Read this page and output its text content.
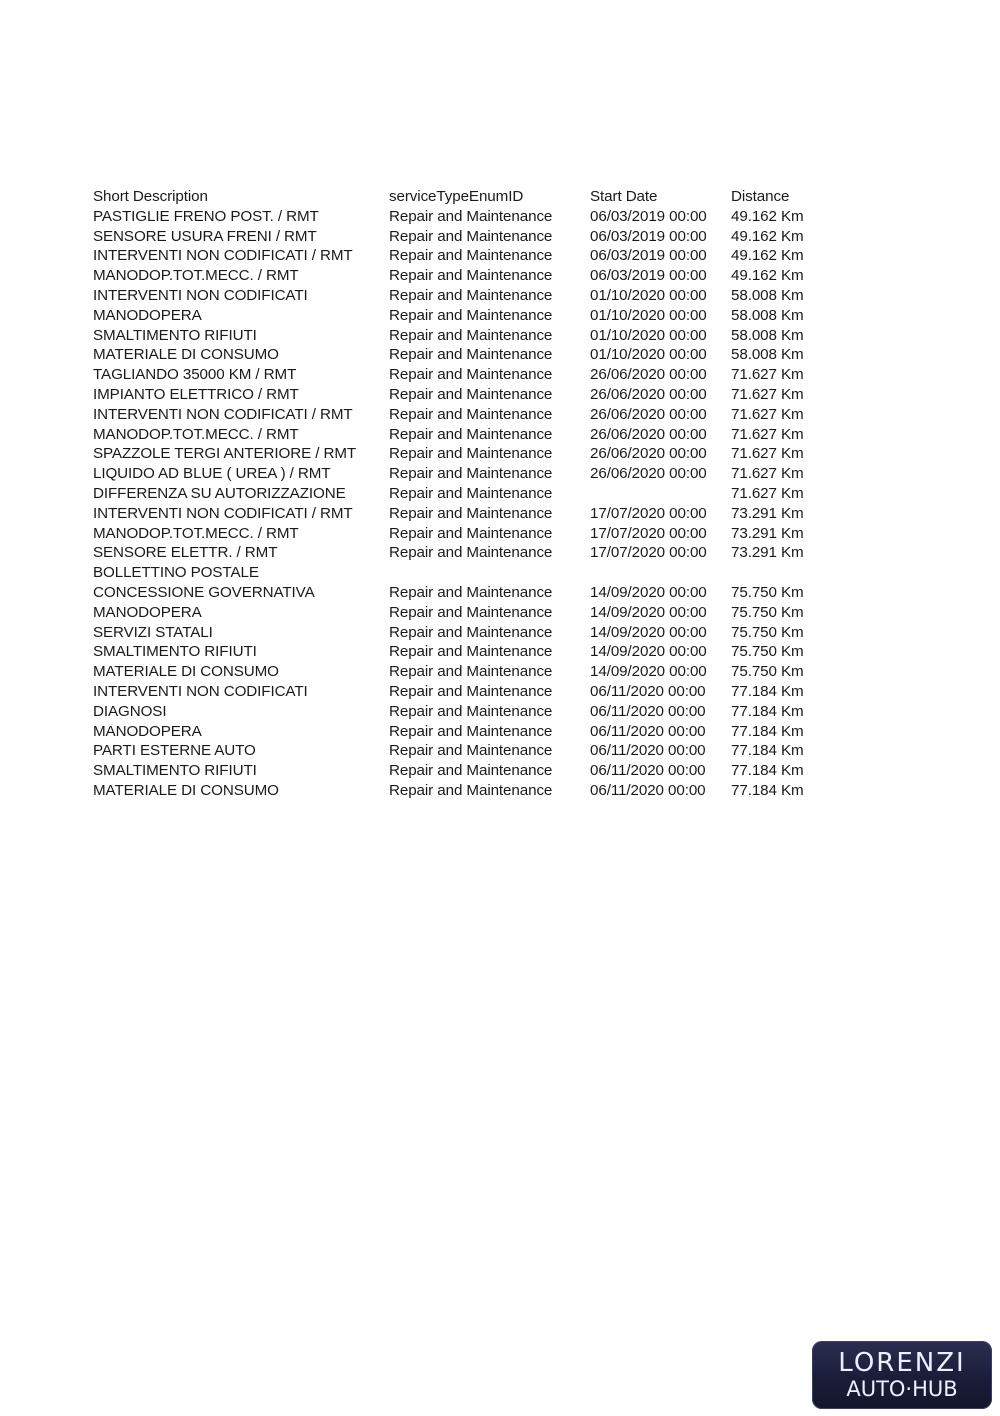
Short Description	serviceTypeEnumID	Start Date	Distance
PASTIGLIE FRENO POST. / RMT	Repair and Maintenance	06/03/2019 00:00	49.162 Km
SENSORE USURA FRENI / RMT	Repair and Maintenance	06/03/2019 00:00	49.162 Km
INTERVENTI NON CODIFICATI / RMT	Repair and Maintenance	06/03/2019 00:00	49.162 Km
MANODOP.TOT.MECC. / RMT	Repair and Maintenance	06/03/2019 00:00	49.162 Km
INTERVENTI NON CODIFICATI	Repair and Maintenance	01/10/2020 00:00	58.008 Km
MANODOPERA	Repair and Maintenance	01/10/2020 00:00	58.008 Km
SMALTIMENTO RIFIUTI	Repair and Maintenance	01/10/2020 00:00	58.008 Km
MATERIALE DI CONSUMO	Repair and Maintenance	01/10/2020 00:00	58.008 Km
TAGLIANDO 35000 KM / RMT	Repair and Maintenance	26/06/2020 00:00	71.627 Km
IMPIANTO ELETTRICO / RMT	Repair and Maintenance	26/06/2020 00:00	71.627 Km
INTERVENTI NON CODIFICATI / RMT	Repair and Maintenance	26/06/2020 00:00	71.627 Km
MANODOP.TOT.MECC. / RMT	Repair and Maintenance	26/06/2020 00:00	71.627 Km
SPAZZOLE TERGI ANTERIORE / RMT	Repair and Maintenance	26/06/2020 00:00	71.627 Km
LIQUIDO AD BLUE ( UREA ) / RMT	Repair and Maintenance	26/06/2020 00:00	71.627 Km
DIFFERENZA SU AUTORIZZAZIONE	Repair and Maintenance		71.627 Km
INTERVENTI NON CODIFICATI / RMT	Repair and Maintenance	17/07/2020 00:00	73.291 Km
MANODOP.TOT.MECC. / RMT	Repair and Maintenance	17/07/2020 00:00	73.291 Km
SENSORE ELETTR. / RMT	Repair and Maintenance	17/07/2020 00:00	73.291 Km
BOLLETTINO POSTALE			
CONCESSIONE GOVERNATIVA	Repair and Maintenance	14/09/2020 00:00	75.750 Km
MANODOPERA	Repair and Maintenance	14/09/2020 00:00	75.750 Km
SERVIZI STATALI	Repair and Maintenance	14/09/2020 00:00	75.750 Km
SMALTIMENTO RIFIUTI	Repair and Maintenance	14/09/2020 00:00	75.750 Km
MATERIALE DI CONSUMO	Repair and Maintenance	14/09/2020 00:00	75.750 Km
INTERVENTI NON CODIFICATI	Repair and Maintenance	06/11/2020 00:00	77.184 Km
DIAGNOSI	Repair and Maintenance	06/11/2020 00:00	77.184 Km
MANODOPERA	Repair and Maintenance	06/11/2020 00:00	77.184 Km
PARTI ESTERNE AUTO	Repair and Maintenance	06/11/2020 00:00	77.184 Km
SMALTIMENTO RIFIUTI	Repair and Maintenance	06/11/2020 00:00	77.184 Km
MATERIALE DI CONSUMO	Repair and Maintenance	06/11/2020 00:00	77.184 Km
LORENZI
AUTO·HUB
